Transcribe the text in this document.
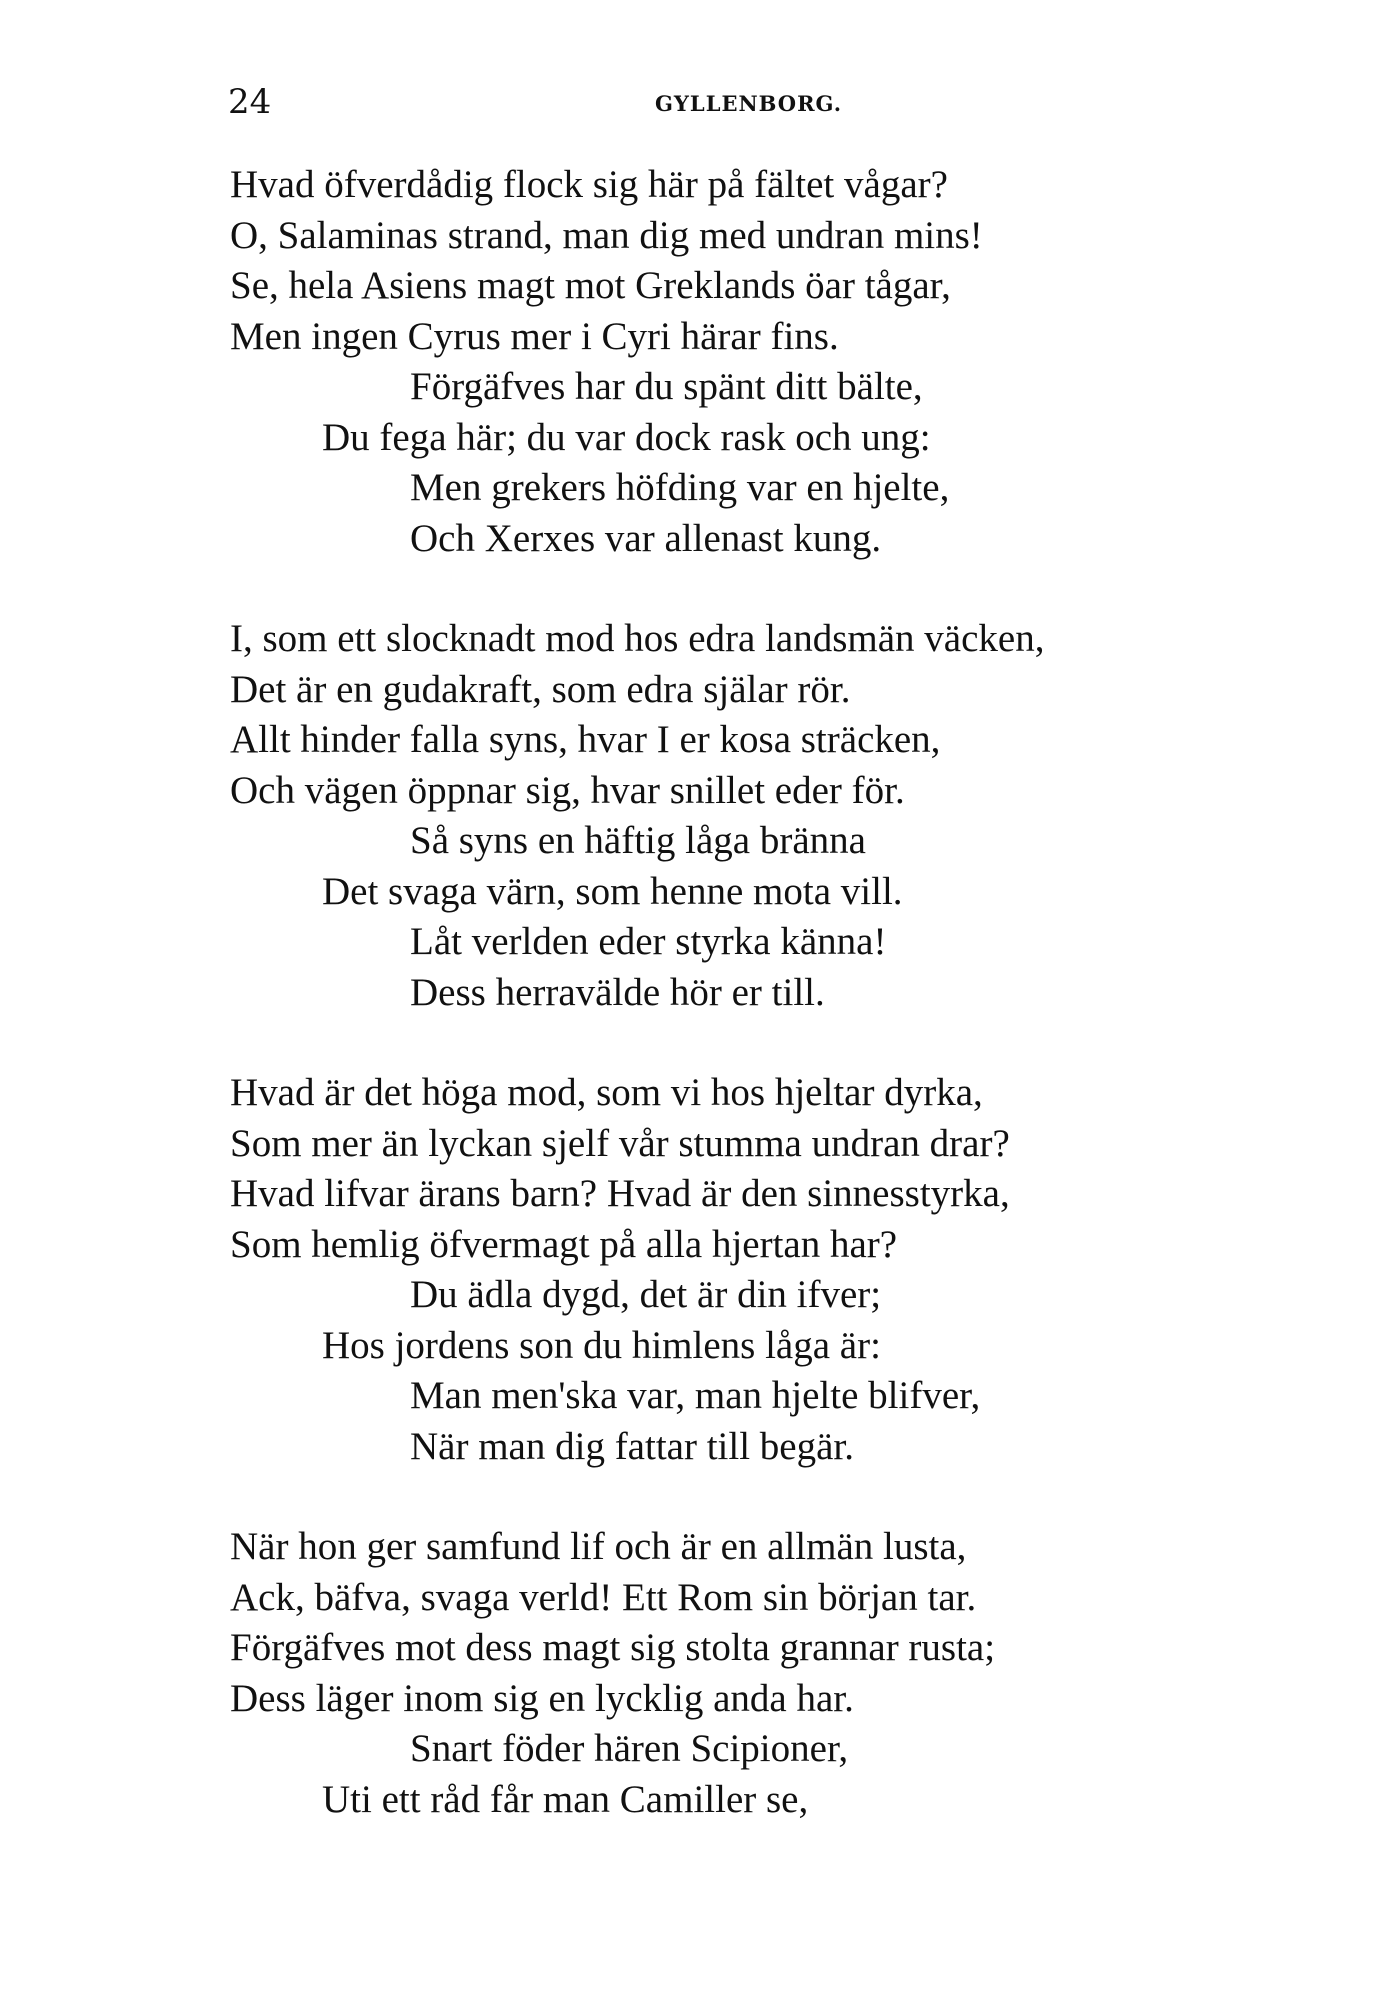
24	GYLLENBORG.
Hvad öfverdådig flock sig här på fältet vågar?
O, Salaminas strand, man dig med undran mins!
Se, hela Asiens magt mot Greklands öar tågar,
Men ingen Cyrus mer i Cyri härar fins.
Förgäfves har du spänt ditt bälte,
Du fega här; du var dock rask och ung:
Men grekers höfding var en hjelte,
Och Xerxes var allenast kung.
I, som ett slocknadt mod hos edra landsmän väcken,
Det är en gudakraft, som edra själar rör.
Allt hinder falla syns, hvar I er kosa sträcken,
Och vägen öppnar sig, hvar snillet eder för.
Så syns en häftig låga bränna
Det svaga värn, som henne mota vill.
Låt verlden eder styrka känna!
Dess herravälde hör er till.
Hvad är det höga mod, som vi hos hjeltar dyrka,
Som mer än lyckan sjelf vår stumma undran drar?
Hvad lifvar ärans barn? Hvad är den sinnesstyrka,
Som hemlig öfvermagt på alla hjertan har?
Du ädla dygd, det är din ifver;
Hos jordens son du himlens låga är:
Man men'ska var, man hjelte blifver,
När man dig fattar till begär.
När hon ger samfund lif och är en allmän lusta,
Ack, bäfva, svaga verld! Ett Rom sin början tar.
Förgäfves mot dess magt sig stolta grannar rusta;
Dess läger inom sig en lycklig anda har.
Snart föder hären Scipioner,
Uti ett råd får man Camiller se,
